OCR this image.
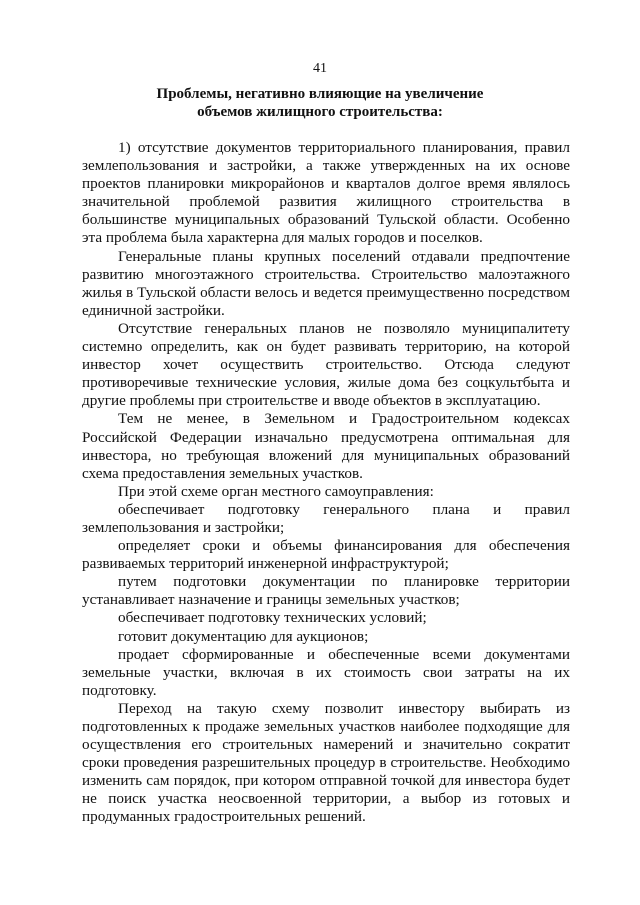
41
Проблемы, негативно влияющие на увеличение
объемов жилищного строительства:

1) отсутствие документов территориального планирования, правил землепользования и застройки, а также утвержденных на их основе проектов планировки микрорайонов и кварталов долгое время являлось значительной проблемой развития жилищного строительства в большинстве муниципальных образований Тульской области. Особенно эта проблема была характерна для малых городов и поселков.

Генеральные планы крупных поселений отдавали предпочтение развитию многоэтажного строительства. Строительство малоэтажного жилья в Тульской области велось и ведется преимущественно посредством единичной застройки.

Отсутствие генеральных планов не позволяло муниципалитету системно определить, как он будет развивать территорию, на которой инвестор хочет осуществить строительство. Отсюда следуют противоречивые технические условия, жилые дома без соцкультбыта и другие проблемы при строительстве и вводе объектов в эксплуатацию.

Тем не менее, в Земельном и Градостроительном кодексах Российской Федерации изначально предусмотрена оптимальная для инвестора, но требующая вложений для муниципальных образований схема предоставления земельных участков.

При этой схеме орган местного самоуправления:

обеспечивает подготовку генерального плана и правил землепользования и застройки;

определяет сроки и объемы финансирования для обеспечения развиваемых территорий инженерной инфраструктурой;

путем подготовки документации по планировке территории устанавливает назначение и границы земельных участков;

обеспечивает подготовку технических условий;

готовит документацию для аукционов;

продает сформированные и обеспеченные всеми документами земельные участки, включая в их стоимость свои затраты на их подготовку.

Переход на такую схему позволит инвестору выбирать из подготовленных к продаже земельных участков наиболее подходящие для осуществления его строительных намерений и значительно сократит сроки проведения разрешительных процедур в строительстве. Необходимо изменить сам порядок, при котором отправной точкой для инвестора будет не поиск участка неосвоенной территории, а выбор из готовых и продуманных градостроительных решений.
